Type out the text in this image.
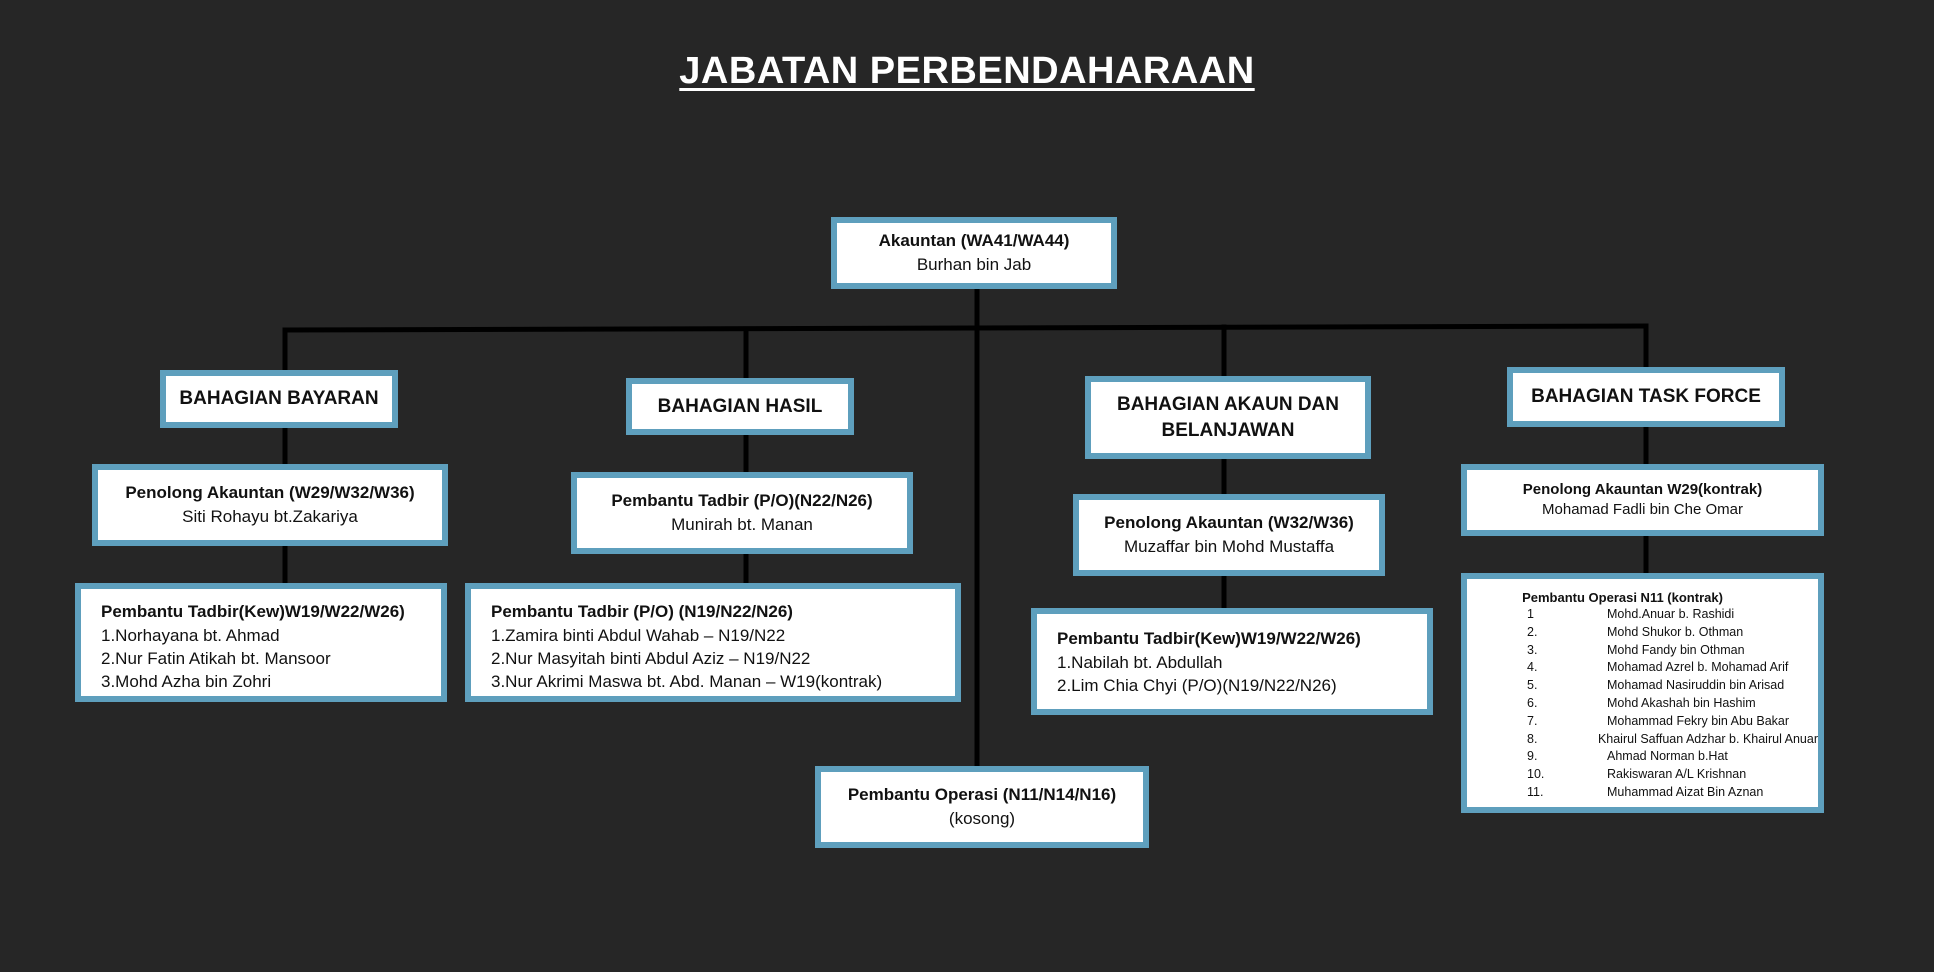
JABATAN PERBENDAHARAAN
Akauntan (WA41/WA44)
Burhan bin Jab
BAHAGIAN BAYARAN
Penolong Akauntan (W29/W32/W36)
Siti Rohayu bt.Zakariya
Pembantu Tadbir(Kew)W19/W22/W26)
1.Norhayana bt. Ahmad
2.Nur Fatin Atikah bt. Mansoor
3.Mohd Azha bin Zohri
BAHAGIAN HASIL
Pembantu Tadbir (P/O)(N22/N26)
Munirah bt. Manan
Pembantu Tadbir (P/O) (N19/N22/N26)
1.Zamira binti Abdul Wahab – N19/N22
2.Nur Masyitah binti Abdul Aziz – N19/N22
3.Nur Akrimi Maswa bt. Abd. Manan – W19(kontrak)
Pembantu Operasi (N11/N14/N16)
(kosong)
BAHAGIAN AKAUN DAN
BELANJAWAN
Penolong Akauntan (W32/W36)
Muzaffar bin Mohd Mustaffa
Pembantu Tadbir(Kew)W19/W22/W26)
1.Nabilah bt. Abdullah
2.Lim Chia Chyi (P/O)(N19/N22/N26)
BAHAGIAN TASK FORCE
Penolong Akauntan W29(kontrak)
Mohamad Fadli bin Che Omar
Pembantu Operasi N11 (kontrak)
1	Mohd.Anuar b. Rashidi
2.	Mohd Shukor b. Othman
3.	Mohd Fandy bin Othman
4.	Mohamad Azrel b. Mohamad Arif
5.	Mohamad Nasiruddin bin Arisad
6.	Mohd Akashah bin Hashim
7.	Mohammad Fekry bin Abu Bakar
8.	Khairul Saffuan Adzhar b. Khairul Anuar
9.	Ahmad Norman b.Hat
10.	Rakiswaran A/L Krishnan
11.	Muhammad Aizat Bin Aznan
